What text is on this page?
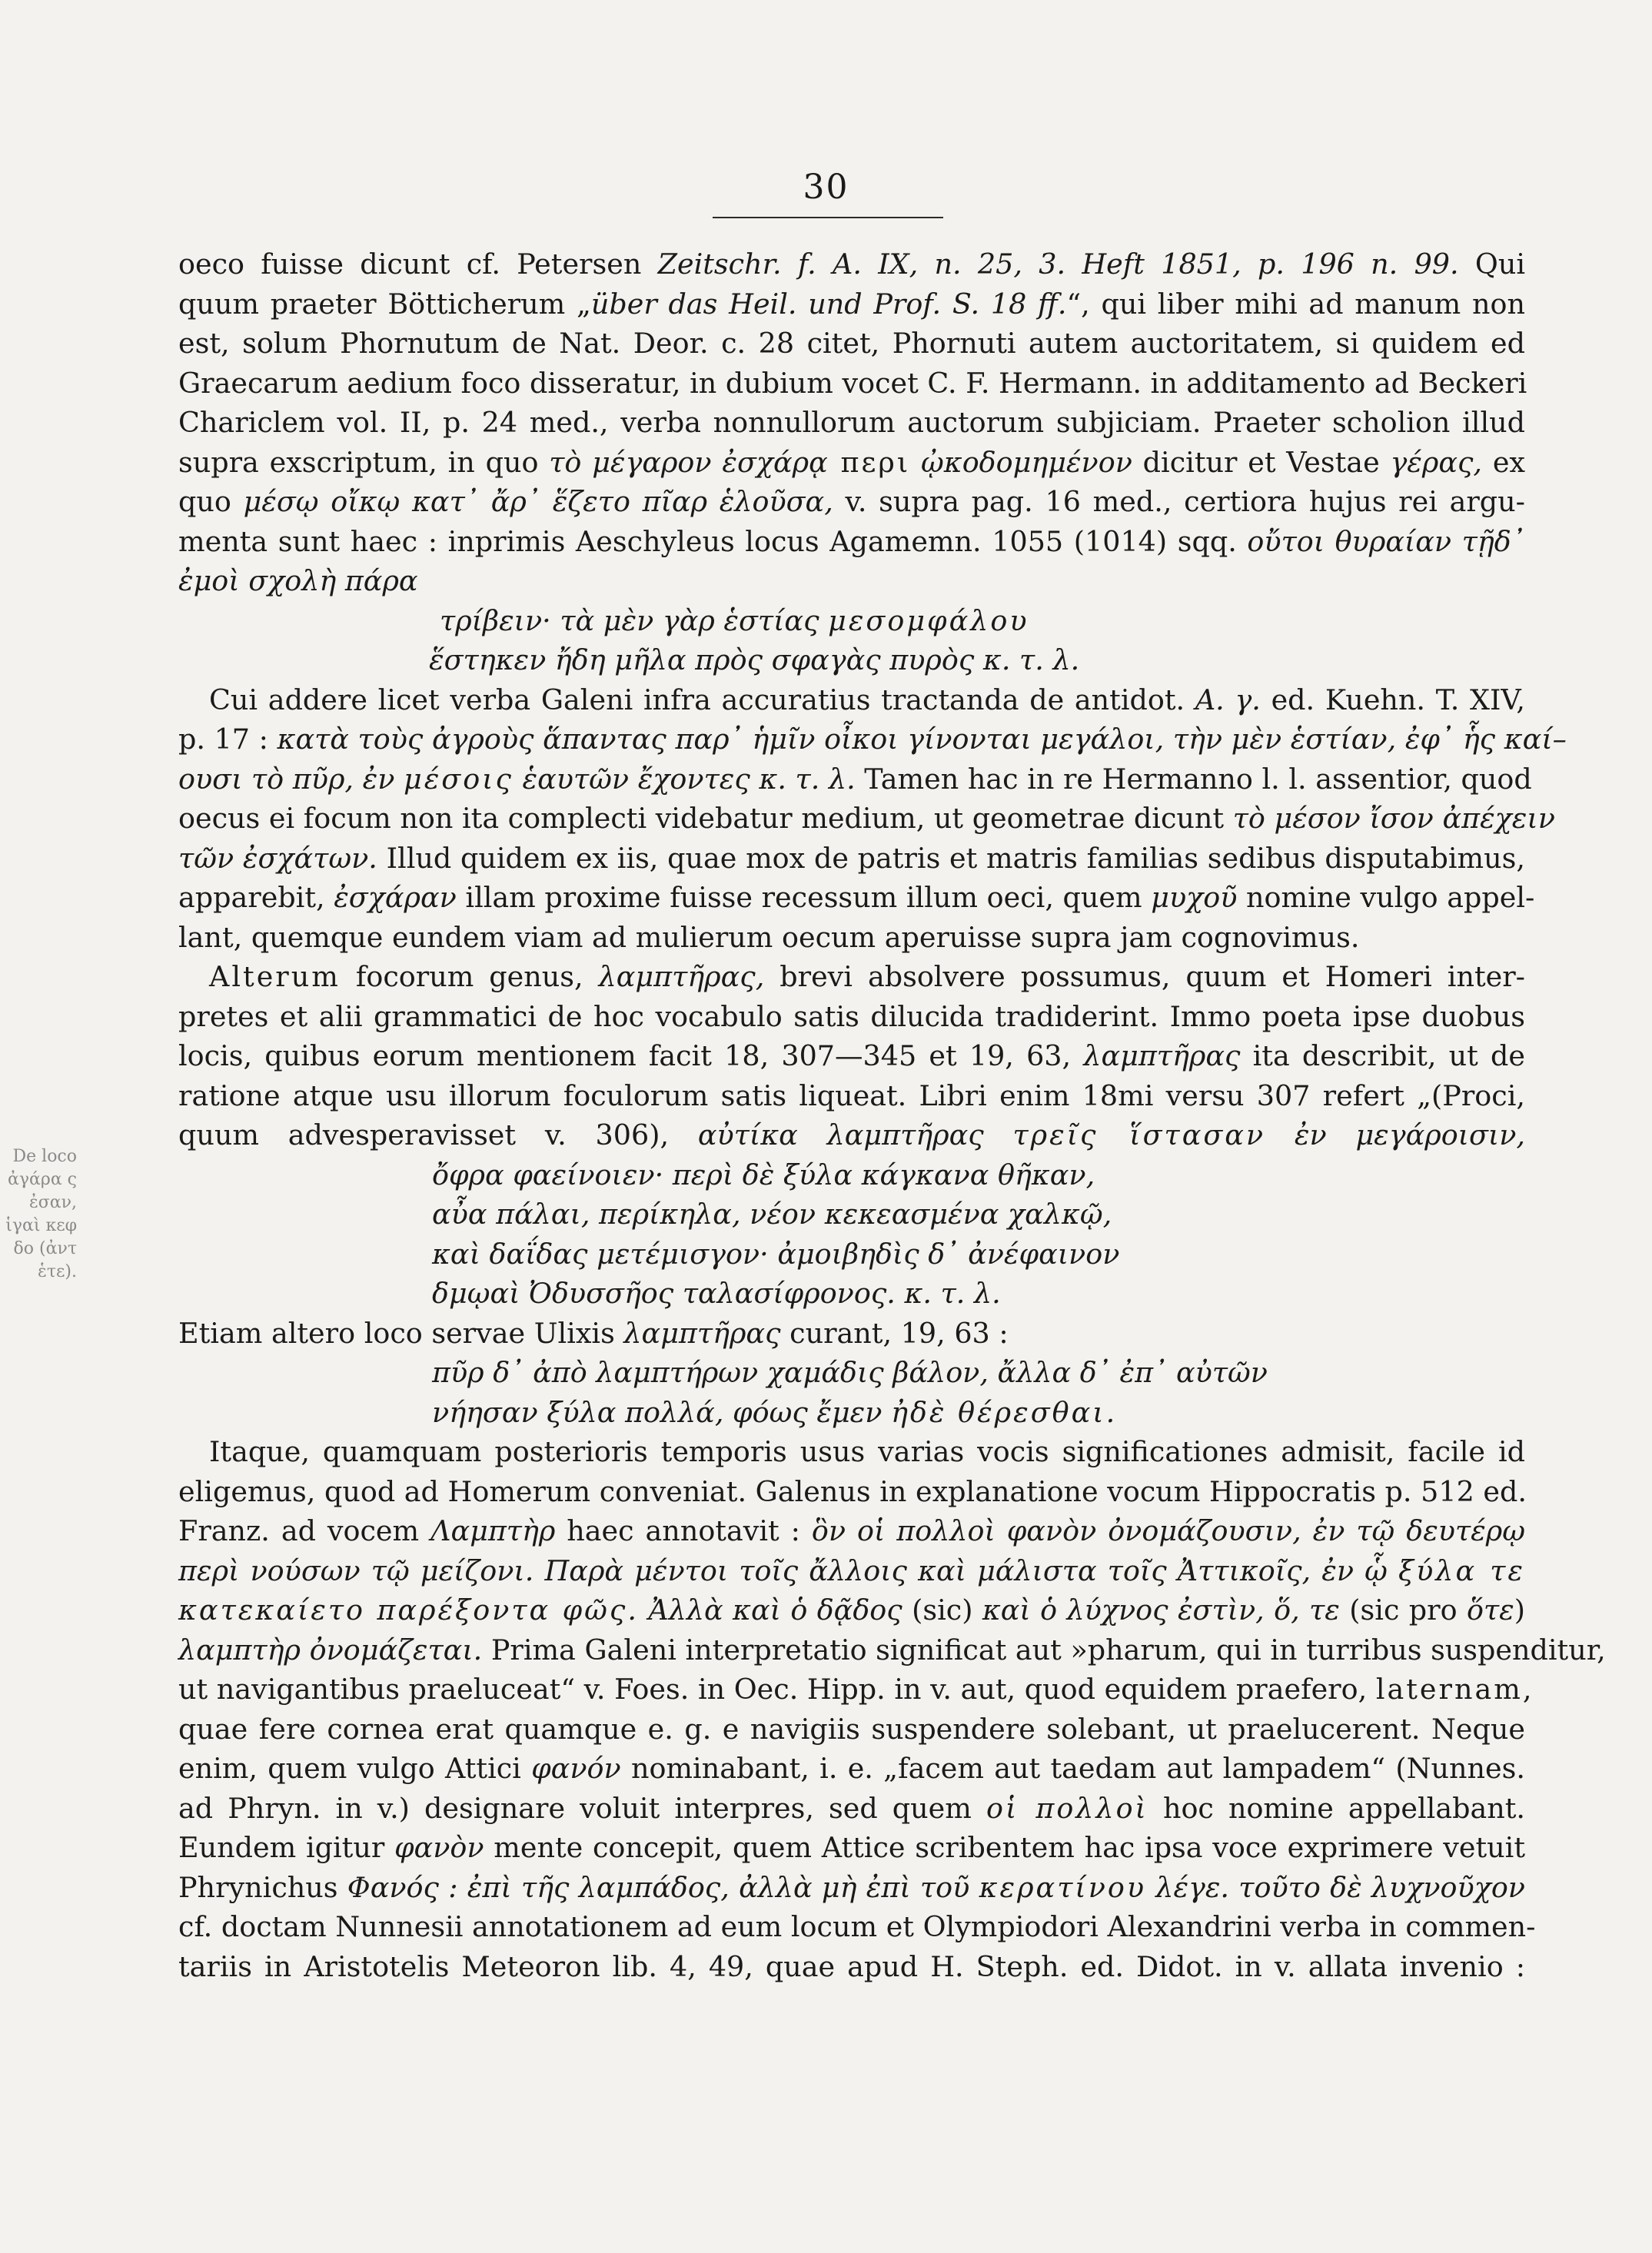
30
De loco
ἀγάρα ς
ἐσαν,
ἱγαὶ κεφ
δο (ἀντ
ἑτε).
oeco fuisse dicunt cf. Petersen Zeitschr. f. A. IX, n. 25, 3. Heft 1851, p. 196 n. 99. Qui
quum praeter Bötticherum „über das Heil. und Prof. S. 18 ff.“, qui liber mihi ad manum non
est, solum Phornutum de Nat. Deor. c. 28 citet, Phornuti autem auctoritatem, si quidem ed
Graecarum aedium foco disseratur, in dubium vocet C. F. Hermann. in additamento ad Beckeri
Chariclem vol. II, p. 24 med., verba nonnullorum auctorum subjiciam. Praeter scholion illud
supra exscriptum, in quo τὸ μέγαρον ἐσχάρᾳ περι ᾠκοδομημένον dicitur et Vestae γέρας, ex
quo μέσῳ οἴκῳ κατ᾽ ἄρ᾽ ἕζετο πῖαρ ἑλοῦσα, v. supra pag. 16 med., certiora hujus rei argu-
menta sunt haec : inprimis Aeschyleus locus Agamemn. 1055 (1014) sqq. οὔτοι θυραίαν τῇδ᾽
ἐμοὶ σχολὴ πάρα
τρίβειν· τὰ μὲν γὰρ ἑστίας μεσομφάλου
ἕστηκεν ἤδη μῆλα πρὸς σφαγὰς πυρὸς κ. τ. λ.
Cui addere licet verba Galeni infra accuratius tractanda de antidot. A. γ. ed. Kuehn. T. XIV,
p. 17 : κατὰ τοὺς ἀγροὺς ἅπαντας παρ᾽ ἡμῖν οἶκοι γίνονται μεγάλοι, τὴν μὲν ἑστίαν, ἐφ᾽ ἧς καί–
ουσι τὸ πῦρ, ἐν μέσοις ἑαυτῶν ἔχοντες κ. τ. λ. Tamen hac in re Hermanno l. l. assentior, quod
oecus ei focum non ita complecti videbatur medium, ut geometrae dicunt τὸ μέσον ἴσον ἀπέχειν
τῶν ἐσχάτων. Illud quidem ex iis, quae mox de patris et matris familias sedibus disputabimus,
apparebit, ἐσχάραν illam proxime fuisse recessum illum oeci, quem μυχοῦ nomine vulgo appel-
lant, quemque eundem viam ad mulierum oecum aperuisse supra jam cognovimus.
Alterum focorum genus, λαμπτῆρας, brevi absolvere possumus, quum et Homeri inter-
pretes et alii grammatici de hoc vocabulo satis dilucida tradiderint. Immo poeta ipse duobus
locis, quibus eorum mentionem facit 18, 307—345 et 19, 63, λαμπτῆρας ita describit, ut de
ratione atque usu illorum foculorum satis liqueat. Libri enim 18mi versu 307 refert „(Proci,
quum advesperavisset v. 306), αὐτίκα λαμπτῆρας τρεῖς ἵστασαν ἐν μεγάροισιν,
ὄφρα φαείνοιεν· περὶ δὲ ξύλα κάγκανα θῆκαν,
αὖα πάλαι, περίκηλα, νέον κεκεασμένα χαλκῷ,
καὶ δαΐδας μετέμισγον· ἀμοιβηδὶς δ᾽ ἀνέφαινον
δμῳαὶ Ὀδυσσῆος ταλασίφρονος. κ. τ. λ.
Etiam altero loco servae Ulixis λαμπτῆρας curant, 19, 63 :
πῦρ δ᾽ ἀπὸ λαμπτήρων χαμάδις βάλον, ἄλλα δ᾽ ἐπ᾽ αὐτῶν
νήησαν ξύλα πολλά, φόως ἔμεν ἠδὲ θέρεσθαι.
Itaque, quamquam posterioris temporis usus varias vocis significationes admisit, facile id
eligemus, quod ad Homerum conveniat. Galenus in explanatione vocum Hippocratis p. 512 ed.
Franz. ad vocem Λαμπτὴρ haec annotavit : ὃν οἱ πολλοὶ φανὸν ὀνομάζουσιν, ἐν τῷ δευτέρῳ
περὶ νούσων τῷ μείζονι. Παρὰ μέντοι τοῖς ἄλλοις καὶ μάλιστα τοῖς Ἀττικοῖς, ἐν ᾧ ξύλα τε
κατεκαίετο παρέξοντα φῶς. Ἀλλὰ καὶ ὁ δᾷδος (sic) καὶ ὁ λύχνος ἐστὶν, ὅ, τε (sic pro ὅτε)
λαμπτὴρ ὀνομάζεται. Prima Galeni interpretatio significat aut »pharum, qui in turribus suspenditur,
ut navigantibus praeluceat“ v. Foes. in Oec. Hipp. in v. aut, quod equidem praefero, laternam,
quae fere cornea erat quamque e. g. e navigiis suspendere solebant, ut praelucerent. Neque
enim, quem vulgo Attici φανόν nominabant, i. e. „facem aut taedam aut lampadem“ (Nunnes.
ad Phryn. in v.) designare voluit interpres, sed quem οἱ πολλοὶ hoc nomine appellabant.
Eundem igitur φανὸν mente concepit, quem Attice scribentem hac ipsa voce exprimere vetuit
Phrynichus Φανός : ἐπὶ τῆς λαμπάδος, ἀλλὰ μὴ ἐπὶ τοῦ κερατίνου λέγε. τοῦτο δὲ λυχνοῦχον
cf. doctam Nunnesii annotationem ad eum locum et Olympiodori Alexandrini verba in commen-
tariis in Aristotelis Meteoron lib. 4, 49, quae apud H. Steph. ed. Didot. in v. allata invenio :
